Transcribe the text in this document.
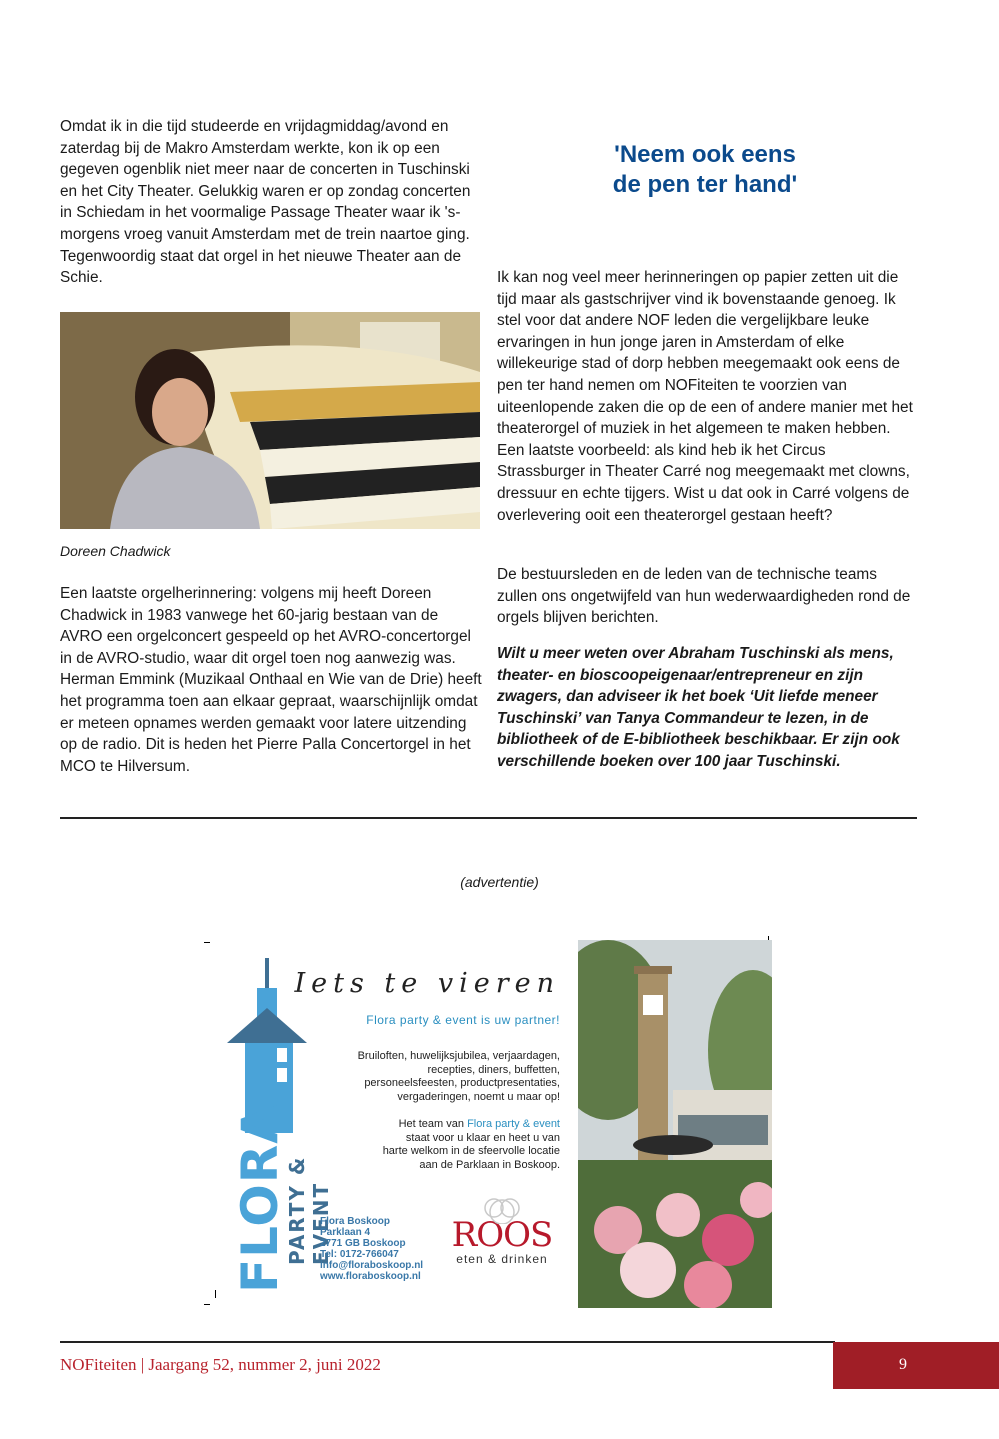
Omdat ik in die tijd studeerde en vrijdagmiddag/avond en zaterdag bij de Makro Amsterdam werkte, kon ik op een gegeven ogenblik niet meer naar de concerten in Tuschinski en het City Theater. Gelukkig waren er op zondag concerten in Schiedam in het voormalige Passage Theater waar ik 's-morgens vroeg vanuit Amsterdam met de trein naartoe ging. Tegenwoordig staat dat orgel in het nieuwe Theater aan de Schie.

Doreen Chadwick

Een laatste orgelherinnering: volgens mij heeft Doreen Chadwick in 1983 vanwege het 60-jarig bestaan van de AVRO een orgelconcert gespeeld op het AVRO-concertorgel in de AVRO-studio, waar dit orgel toen nog aanwezig was. Herman Emmink (Muzikaal Onthaal en Wie van de Drie) heeft het programma toen aan elkaar gepraat, waarschijnlijk omdat er meteen opnames werden gemaakt voor latere uitzending op de radio. Dit is heden het Pierre Palla Concertorgel in het MCO te Hilversum.

'Neem ook eens
de pen ter hand'
Ik kan nog veel meer herinneringen op papier zetten uit die tijd maar als gastschrijver vind ik bovenstaande genoeg. Ik stel voor dat andere NOF leden die vergelijkbare leuke ervaringen in hun jonge jaren in Amsterdam of elke willekeurige stad of dorp hebben meegemaakt ook eens de pen ter hand nemen om NOFiteiten te voorzien van uiteenlopende zaken die op de een of andere manier met het theaterorgel of muziek in het algemeen te maken hebben. Een laatste voorbeeld: als kind heb ik het Circus Strassburger in Theater Carré nog meegemaakt met clowns, dressuur en echte tijgers. Wist u dat ook in Carré volgens de overlevering ooit een theaterorgel gestaan heeft?
De bestuursleden en de leden van de technische teams zullen ons ongetwijfeld van hun wederwaardigheden rond de orgels blijven berichten.
Wilt u meer weten over Abraham Tuschinski als mens, theater- en bioscoopeigenaar/entrepreneur en zijn zwagers, dan adviseer ik het boek ‘Uit liefde meneer Tuschinski’ van Tanya Commandeur te lezen, in de bibliotheek of de E-bibliotheek beschikbaar. Er zijn ook verschillende boeken over 100 jaar Tuschinski.
(advertentie)
FLORA
PARTY & EVENT
Iets te vieren
Flora party & event is uw partner!
Bruiloften, huwelijksjubilea, verjaardagen,
recepties, diners, buffetten,
personeelsfeesten, productpresentaties,
vergaderingen, noemt u maar op!
Het team van Flora party & event
staat voor u klaar en heet u van
harte welkom in de sfeervolle locatie
aan de Parklaan in Boskoop.
Flora Boskoop
Parklaan 4
2771 GB Boskoop
Tel: 0172-766047
info@floraboskoop.nl
www.floraboskoop.nl
ROOS
eten & drinken
NOFiteiten | Jaargang 52, nummer 2, juni 2022	9
